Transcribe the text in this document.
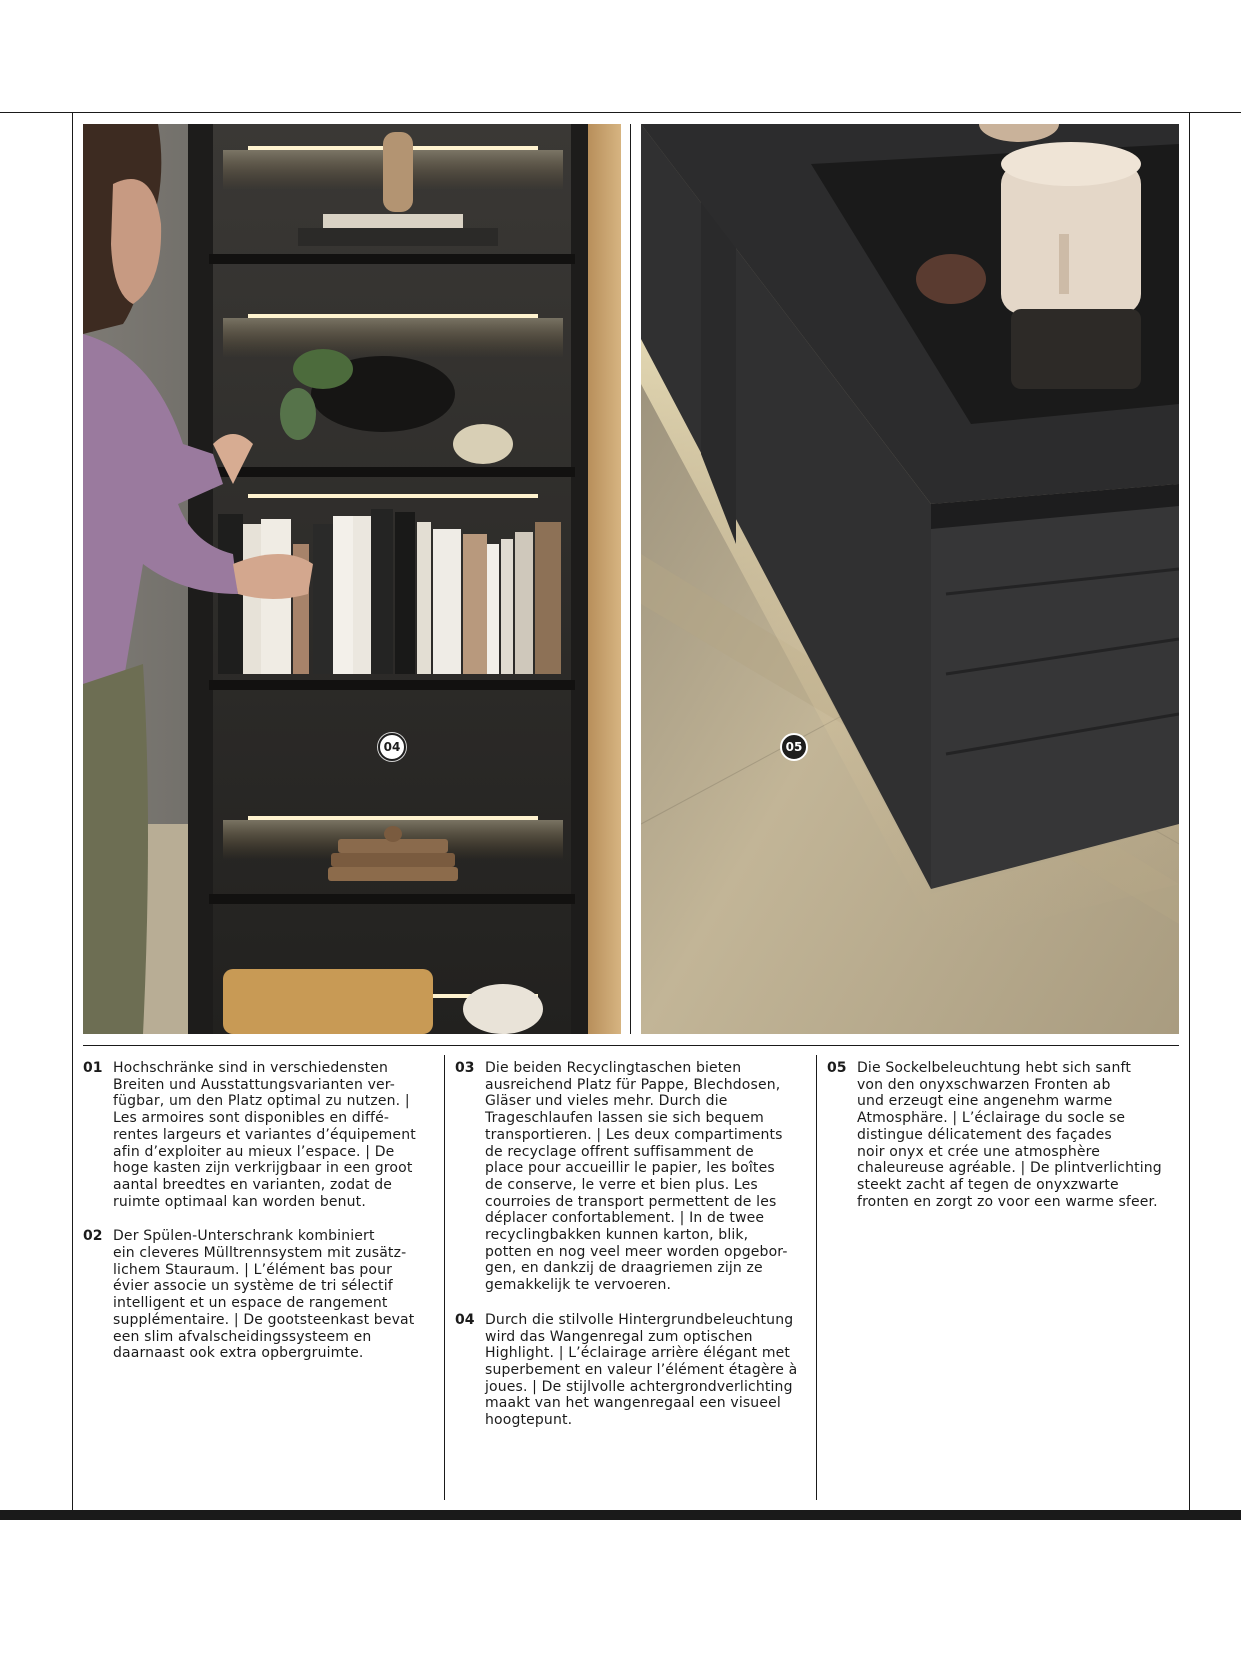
04	05
01 Hochschränke sind in verschiedensten
Breiten und Ausstattungsvarianten ver-
fügbar, um den Platz optimal zu nutzen. |
Les armoires sont disponibles en diffé-
rentes largeurs et variantes d’équipement
afin d’exploiter au mieux l’espace. | De
hoge kasten zijn verkrijgbaar in een groot
aantal breedtes en varianten, zodat de
ruimte optimaal kan worden benut.
02 Der Spülen-Unterschrank kombiniert
ein cleveres Mülltrennsystem mit zusätz-
lichem Stauraum. | L’élément bas pour
évier associe un système de tri sélectif
intelligent et un espace de rangement
supplémentaire. | De gootsteenkast bevat
een slim afvalscheidingssysteem en
daarnaast ook extra opbergruimte.
03 Die beiden Recyclingtaschen bieten
ausreichend Platz für Pappe, Blechdosen,
Gläser und vieles mehr. Durch die
Trageschlaufen lassen sie sich bequem
transportieren. | Les deux compartiments
de recyclage offrent suffisamment de
place pour accueillir le papier, les boîtes
de conserve, le verre et bien plus. Les
courroies de transport permettent de les
déplacer confortablement. | In de twee
recyclingbakken kunnen karton, blik,
potten en nog veel meer worden opgebor-
gen, en dankzij de draagriemen zijn ze
gemakkelijk te vervoeren.
04 Durch die stilvolle Hintergrundbeleuchtung
wird das Wangenregal zum optischen
Highlight. | L’éclairage arrière élégant met
superbement en valeur l’élément étagère à
joues. | De stijlvolle achtergrondverlichting
maakt van het wangenregaal een visueel
hoogtepunt.
05 Die Sockelbeleuchtung hebt sich sanft
von den onyxschwarzen Fronten ab
und erzeugt eine angenehm warme
Atmosphäre. | L’éclairage du socle se
distingue délicatement des façades
noir onyx et crée une atmosphère
chaleureuse agréable. | De plintverlichting
steekt zacht af tegen de onyxzwarte
fronten en zorgt zo voor een warme sfeer.
